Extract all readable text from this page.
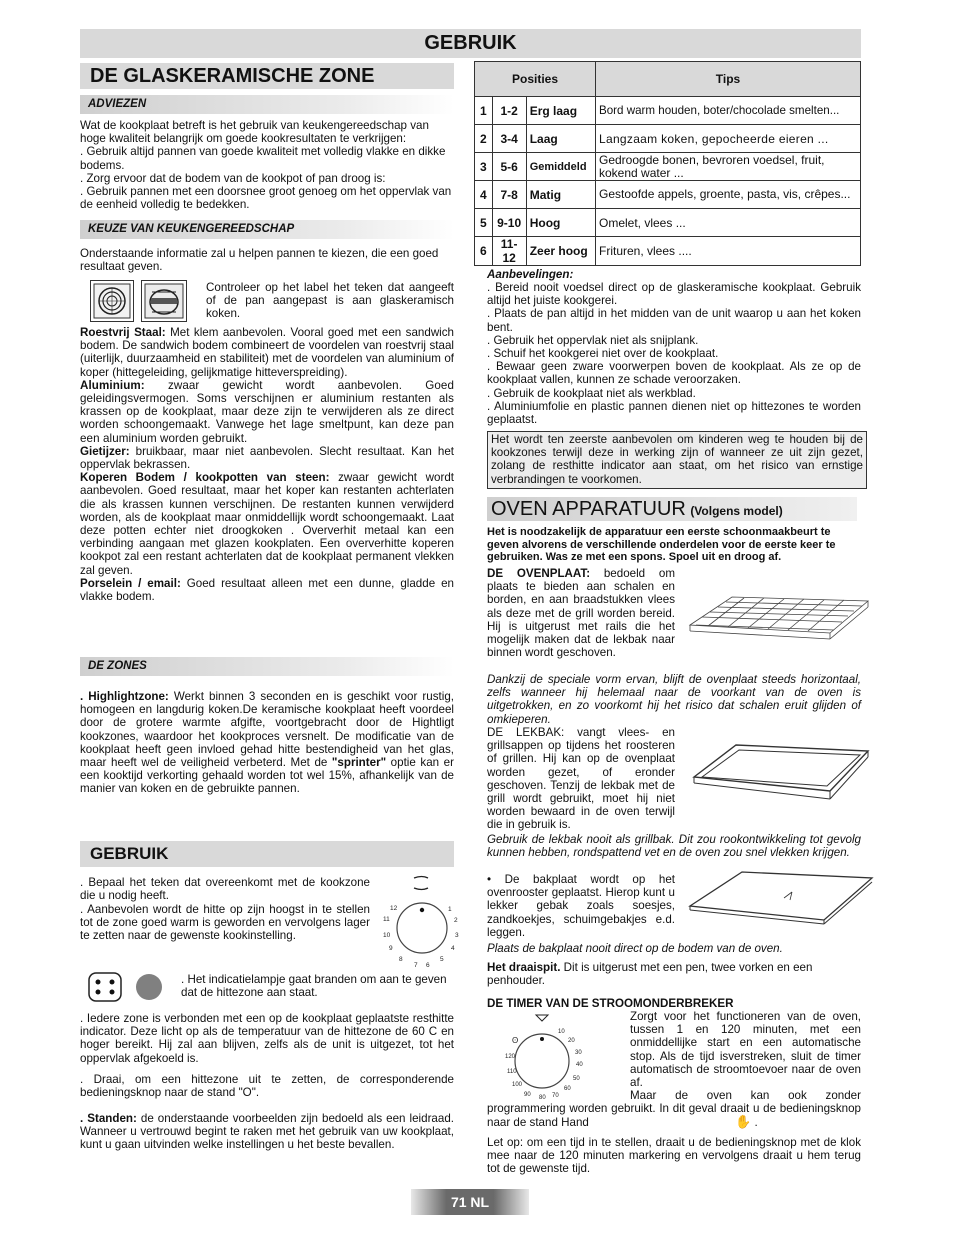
GEBRUIK
DE GLASKERAMISCHE ZONE
ADVIEZEN

Wat de kookplaat betreft is het gebruik van keukengereedschap van hoge kwaliteit belangrijk om goede kookresultaten te verkrijgen:

. Gebruik altijd pannen van goede kwaliteit met volledig vlakke en dikke bodems.

. Zorg ervoor dat de bodem van de kookpot of pan droog is:

. Gebruik pannen met een doorsnee groot genoeg om het oppervlak van de eenheid volledig te bedekken.

KEUZE VAN KEUKENGEREEDSCHAP

Onderstaande informatie zal u helpen pannen te kiezen, die een goed resultaat geven.

Controleer op het label het teken dat aangeeft of de pan aangepast is aan glaskeramisch koken.

Roestvrij Staal: Met klem aanbevolen. Vooral goed met een sandwich bodem. De sandwich bodem combineert de voordelen van roestvrij staal (uiterlijk, duurzaamheid en stabiliteit) met de voordelen van aluminium of koper (hittegeleiding, gelijkmatige hitteverspreiding).

Aluminium: zwaar gewicht wordt aanbevolen. Goed geleidingsvermogen. Soms verschijnen er aluminium restanten als krassen op de kookplaat, maar deze zijn te verwijderen als ze direct worden schoongemaakt. Vanwege het lage smeltpunt, kan deze pan een aluminium worden gebruikt.

Gietijzer: bruikbaar, maar niet aanbevolen. Slecht resultaat. Kan het oppervlak bekrassen.

Koperen Bodem / kookpotten van steen: zwaar gewicht wordt aanbevolen. Goed resultaat, maar het koper kan restanten achterlaten die als krassen kunnen verschijnen. De restanten kunnen verwijderd worden, als de kookplaat maar onmiddellijk wordt schoongemaakt. Laat deze potten echter niet droogkoken . Oververhit metaal kan een verbinding aangaan met glazen kookplaten. Een oververhitte koperen kookpot zal een restant achterlaten dat de kookplaat permanent vlekken zal geven.

Porselein / email: Goed resultaat alleen met een dunne, gladde en vlakke bodem.

DE ZONES

. Highlightzone: Werkt binnen 3 seconden en is geschikt voor rustig, homogeen en langdurig koken.De keramische kookplaat heeft voordeel door de grotere warmte afgifte, voortgebracht door de Hightligt kookzones, waardoor het kookproces versnelt. De modificatie van de kookplaat heeft geen invloed gehad hitte bestendigheid van het glas, maar heeft wel de veiligheid verbeterd. Met de "sprinter" optie kan er een kooktijd verkorting gehaald worden tot wel 15%, afhankelijk van de manier van koken en de gebruikte pannen.

GEBRUIK

. Bepaal het teken dat overeenkomt met de kookzone die u nodig heeft.

. Aanbevolen wordt de hitte op zijn hoogst in te stellen tot de zone goed warm is geworden en vervolgens lager te zetten naar de gewenste kookinstelling.

12	1
11	2
10	3
9	4
8	5
7 6

. Het indicatielampje gaat branden om aan te geven dat de hittezone aan staat.

. Iedere zone is verbonden met een op de kookplaat geplaatste resthitte indicator. Deze licht op als de temperatuur van de hittezone de 60 C en hoger bereikt. Hij zal aan blijven, zelfs als de unit is uitgezet, tot het oppervlak afgekoeld is.

. Draai, om een hittezone uit te zetten, de corresponderende bedieningsknop naar de stand "O".

. Standen: de onderstaande voorbeelden zijn bedoeld als een leidraad. Wanneer u vertrouwd begint te raken met het gebruik van uw kookplaat, kunt u gaan uitvinden welke instellingen u het beste bevallen.

Posities			Tips
1	1-2	Erg laag	Bord warm houden, boter/chocolade smelten...
2	3-4	Laag	Langzaam koken, gepocheerde eieren ...
3	5-6	Gemiddeld	Gedroogde bonen, bevroren voedsel, fruit, kokend water ...
4	7-8	Matig	Gestoofde appels, groente, pasta, vis, crêpes...
5	9-10	Hoog	Omelet, vlees ...
6	11-12	Zeer hoog	Frituren, vlees ....

Aanbevelingen:

. Bereid nooit voedsel direct op de glaskeramische kookplaat. Gebruik altijd het juiste kookgerei.

. Plaats de pan altijd in het midden van de unit waarop u aan het koken bent.

. Gebruik het oppervlak niet als snijplank.

. Schuif het kookgerei niet over de kookplaat.

. Bewaar geen zware voorwerpen boven de kookplaat. Als ze op de kookplaat vallen, kunnen ze schade veroorzaken.

. Gebruik de kookplaat niet als werkblad.

. Aluminiumfolie en plastic pannen dienen niet op hittezones te worden geplaatst.

Het wordt ten zeerste aanbevolen om kinderen weg te houden bij de kookzones terwijl deze in werking zijn of wanneer ze uit zijn gezet, zolang de resthitte indicator aan staat, om het risico van ernstige verbrandingen te voorkomen.

OVEN APPARATUUR (Volgens model)

Het is noodzakelijk de apparatuur een eerste schoonmaakbeurt te geven alvorens de verschillende onderdelen voor de eerste keer te gebruiken. Was ze met een spons. Spoel uit en droog af.

DE OVENPLAAT: bedoeld om plaats te bieden aan schalen en borden, en aan braadstukken vlees als deze met de grill worden bereid. Hij is uitgerust met rails die het mogelijk maken dat de lekbak naar binnen wordt geschoven.

Dankzij de speciale vorm ervan, blijft de ovenplaat steeds horizontaal, zelfs wanneer hij helemaal naar de voorkant van de oven is uitgetrokken, en zo voorkomt hij het risico dat schalen eruit glijden of omkieperen.

DE LEKBAK: vangt vlees- en grillsappen op tijdens het roosteren of grillen. Hij kan op de ovenplaat worden gezet, of eronder geschoven. Tenzij de lekbak met de grill wordt gebruikt, moet hij niet worden bewaard in de oven terwijl die in gebruik is.

Gebruik de lekbak nooit als grillbak. Dit zou rookontwikkeling tot gevolg kunnen hebben, rondspattend vet en de oven zou snel vlekken krijgen.

• De bakplaat wordt op het ovenrooster geplaatst. Hierop kunt u lekker gebak zoals soesjes, zandkoekjes, schuimgebakjes e.d. leggen.

Plaats de bakplaat nooit direct op de bodem van de oven.

Het draaispit. Dit is uitgerust met een pen, twee vorken en een penhouder.

DE TIMER VAN DE STROOMONDERBREKER

10
20
30
40
50
60
70
80
90
100
110
120
ʘ

Zorgt voor het functioneren van de oven, tussen 1 en 120 minuten, met een onmiddellijke start en een automatische stop. Als de tijd isverstreken, sluit de timer automatisch de stroomtoevoer naar de oven af.

Maar de oven kan ook zonder programmering worden gebruikt. In dit geval draait u de bedieningsknop naar de stand Hand	✋ .

Let op: om een tijd in te stellen, draait u de bedieningsknop met de klok mee naar de 120 minuten markering en vervolgens draait u hem terug tot de gewenste tijd.

71 NL
